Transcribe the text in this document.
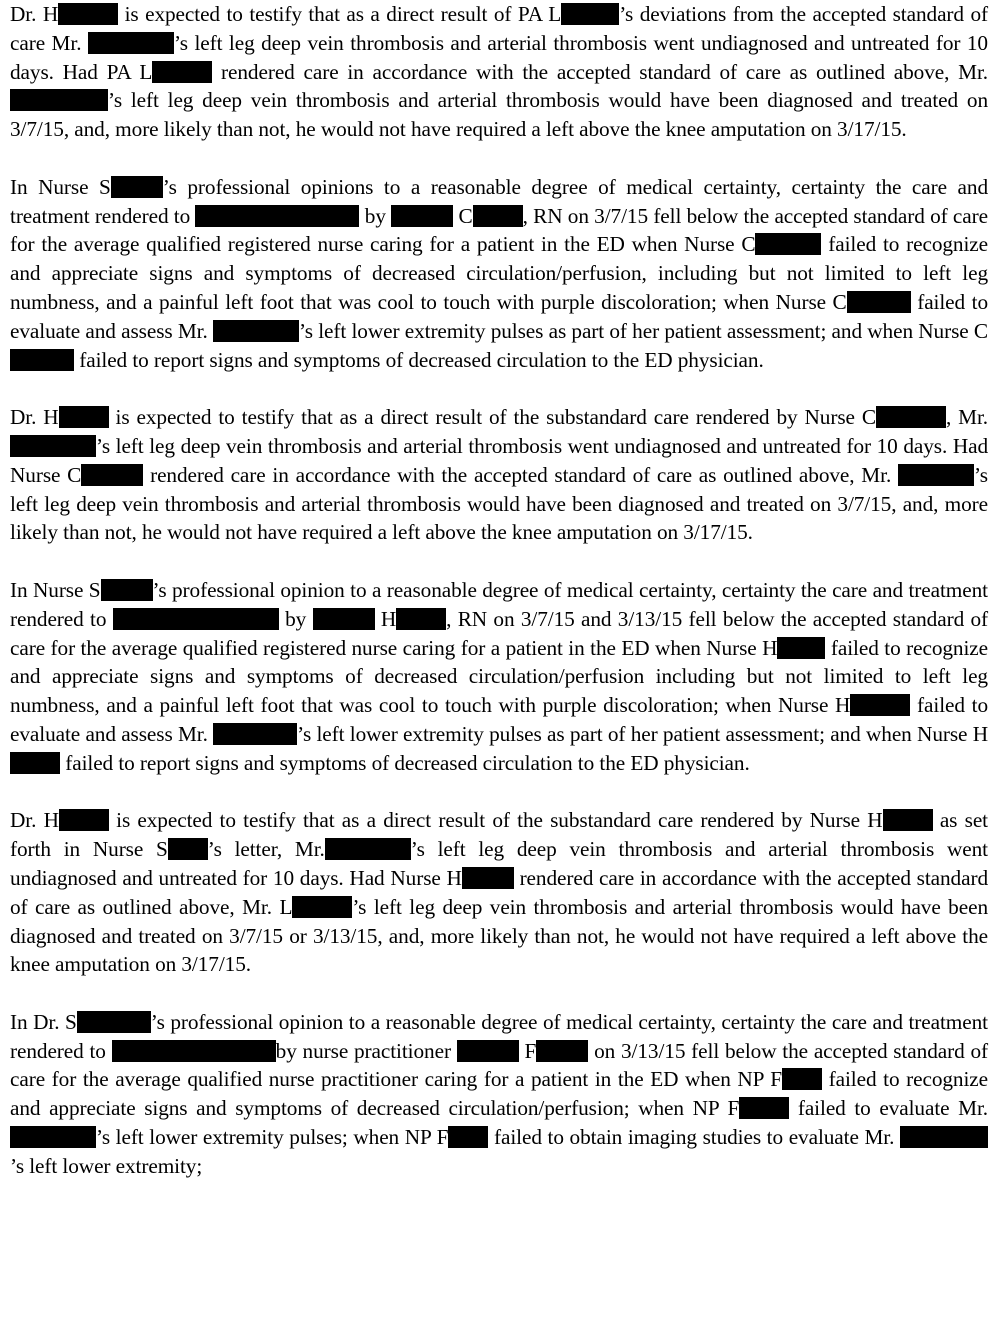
Dr. H	is expected to testify that as a direct result of PA L	’s deviations from the accepted standard of care Mr.	’s left leg deep vein thrombosis and arterial thrombosis went undiagnosed and untreated for 10 days. Had PA L	rendered care in accordance with the accepted standard of care as outlined above, Mr. ’s left leg deep vein thrombosis and arterial thrombosis would have been diagnosed and treated on 3/7/15, and, more likely than not, he would not have required a left above the knee amputation on 3/17/15.

In Nurse S ’s professional opinions to a reasonable degree of medical certainty, certainty the care and treatment rendered to	by	C , RN on 3/7/15 fell below the accepted standard of care for the average qualified registered nurse caring for a patient in the ED when Nurse C	failed to recognize and appreciate signs and symptoms of decreased circulation/perfusion, including but not limited to left leg numbness, and a painful left foot that was cool to touch with purple discoloration; when Nurse C	failed to evaluate and assess Mr.	’s left lower extremity pulses as part of her patient assessment; and when Nurse C failed to report signs and symptoms of decreased circulation to the ED physician.

Dr. H is expected to testify that as a direct result of the substandard care rendered by Nurse C	, Mr. ’s left leg deep vein thrombosis and arterial thrombosis went undiagnosed and untreated for 10 days. Had Nurse C	rendered care in accordance with the accepted standard of care as outlined above, Mr.	’s left leg deep vein thrombosis and arterial thrombosis would have been diagnosed and treated on 3/7/15, and, more likely than not, he would not have required a left above the knee amputation on 3/17/15.

In Nurse S ’s professional opinion to a reasonable degree of medical certainty, certainty the care and treatment rendered to	by	H , RN on 3/7/15 and 3/13/15 fell below the accepted standard of care for the average qualified registered nurse caring for a patient in the ED when Nurse H failed to recognize and appreciate signs and symptoms of decreased circulation/perfusion including but not limited to left leg numbness, and a painful left foot that was cool to touch with purple discoloration; when Nurse H	failed to evaluate and assess Mr.	’s left lower extremity pulses as part of her patient assessment; and when Nurse H failed to report signs and symptoms of decreased circulation to the ED physician.

Dr. H is expected to testify that as a direct result of the substandard care rendered by Nurse H as set forth in Nurse S ’s letter, Mr.	’s left leg deep vein thrombosis and arterial thrombosis went undiagnosed and untreated for 10 days. Had Nurse H rendered care in accordance with the accepted standard of care as outlined above, Mr. L	’s left leg deep vein thrombosis and arterial thrombosis would have been diagnosed and treated on 3/7/15 or 3/13/15, and, more likely than not, he would not have required a left above the knee amputation on 3/17/15.

In Dr. S	’s professional opinion to a reasonable degree of medical certainty, certainty the care and treatment rendered to	by nurse practitioner	F on 3/13/15 fell below the accepted standard of care for the average qualified nurse practitioner caring for a patient in the ED when NP F failed to recognize and appreciate signs and symptoms of decreased circulation/perfusion; when NP F failed to evaluate Mr. ’s left lower extremity pulses; when NP F failed to obtain imaging studies to evaluate Mr. ’s left lower extremity;
